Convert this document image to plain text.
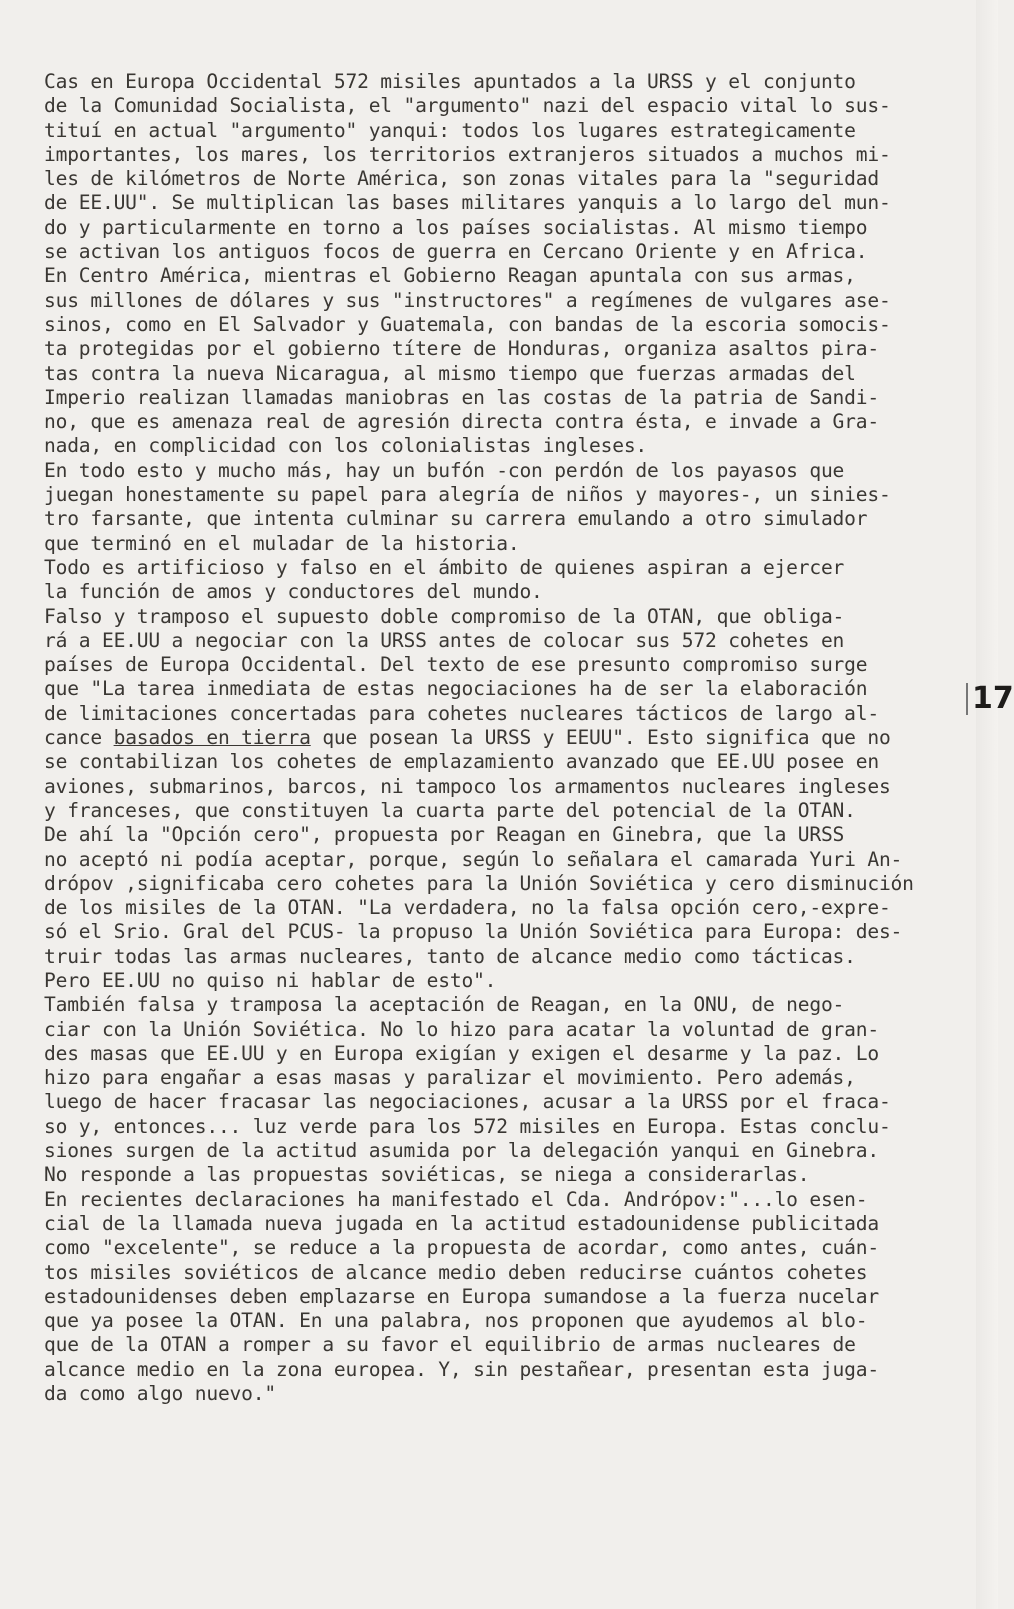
Cas en Europa Occidental 572 misiles apuntados a la URSS y el conjunto
de la Comunidad Socialista, el "argumento" nazi del espacio vital lo sus-
tituí en actual "argumento" yanqui: todos los lugares estrategicamente
importantes, los mares, los territorios extranjeros situados a muchos mi-
les de kilómetros de Norte América, son zonas vitales para la "seguridad
de EE.UU". Se multiplican las bases militares yanquis a lo largo del mun-
do y particularmente en torno a los países socialistas. Al mismo tiempo
se activan los antiguos focos de guerra en Cercano Oriente y en Africa.
En Centro América, mientras el Gobierno Reagan apuntala con sus armas,
sus millones de dólares y sus "instructores" a regímenes de vulgares ase-
sinos, como en El Salvador y Guatemala, con bandas de la escoria somocis-
ta protegidas por el gobierno títere de Honduras, organiza asaltos pira-
tas contra la nueva Nicaragua, al mismo tiempo que fuerzas armadas del
Imperio realizan llamadas maniobras en las costas de la patria de Sandi-
no, que es amenaza real de agresión directa contra ésta, e invade a Gra-
nada, en complicidad con los colonialistas ingleses.
En todo esto y mucho más, hay un bufón -con perdón de los payasos que
juegan honestamente su papel para alegría de niños y mayores-, un sinies-
tro farsante, que intenta culminar su carrera emulando a otro simulador
que terminó en el muladar de la historia.
Todo es artificioso y falso en el ámbito de quienes aspiran a ejercer
la función de amos y conductores del mundo.
Falso y tramposo el supuesto doble compromiso de la OTAN, que obliga-
rá a EE.UU a negociar con la URSS antes de colocar sus 572 cohetes en
países de Europa Occidental. Del texto de ese presunto compromiso surge
que "La tarea inmediata de estas negociaciones ha de ser la elaboración
de limitaciones concertadas para cohetes nucleares tácticos de largo al-
cance basados en tierra que posean la URSS y EEUU". Esto significa que no
se contabilizan los cohetes de emplazamiento avanzado que EE.UU posee en
aviones, submarinos, barcos, ni tampoco los armamentos nucleares ingleses
y franceses, que constituyen la cuarta parte del potencial de la OTAN.
De ahí la "Opción cero", propuesta por Reagan en Ginebra, que la URSS
no aceptó ni podía aceptar, porque, según lo señalara el camarada Yuri An-
drópov ,significaba cero cohetes para la Unión Soviética y cero disminución
de los misiles de la OTAN. "La verdadera, no la falsa opción cero,-expre-
só el Srio. Gral del PCUS- la propuso la Unión Soviética para Europa: des-
truir todas las armas nucleares, tanto de alcance medio como tácticas.
Pero EE.UU no quiso ni hablar de esto".
También falsa y tramposa la aceptación de Reagan, en la ONU, de nego-
ciar con la Unión Soviética. No lo hizo para acatar la voluntad de gran-
des masas que EE.UU y en Europa exigían y exigen el desarme y la paz. Lo
hizo para engañar a esas masas y paralizar el movimiento. Pero además,
luego de hacer fracasar las negociaciones, acusar a la URSS por el fraca-
so y, entonces... luz verde para los 572 misiles en Europa. Estas conclu-
siones surgen de la actitud asumida por la delegación yanqui en Ginebra.
No responde a las propuestas soviéticas, se niega a considerarlas.
En recientes declaraciones ha manifestado el Cda. Andrópov:"...lo esen-
cial de la llamada nueva jugada en la actitud estadounidense publicitada
como "excelente", se reduce a la propuesta de acordar, como antes, cuán-
tos misiles soviéticos de alcance medio deben reducirse cuántos cohetes
estadounidenses deben emplazarse en Europa sumandose a la fuerza nucelar
que ya posee la OTAN. En una palabra, nos proponen que ayudemos al blo-
que de la OTAN a romper a su favor el equilibrio de armas nucleares de
alcance medio en la zona europea. Y, sin pestañear, presentan esta juga-
da como algo nuevo."
17
